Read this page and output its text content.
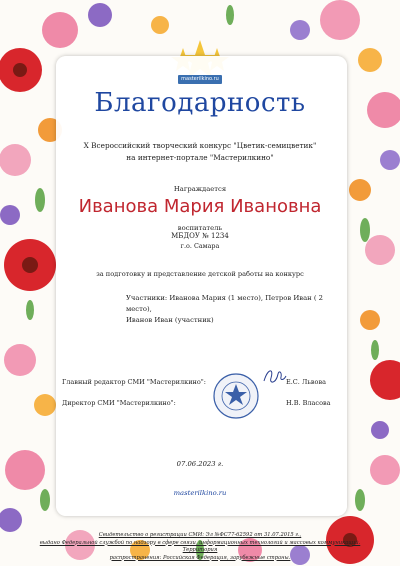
masterilkino.ru
Благодарность
X Всероссийский творческий конкурс "Цветик-семицветик"
на интернет-портале "Мастерилкино"
Награждается
Иванова Мария Ивановна
воспитатель
МБДОУ № 1234
г.о. Самара
за подготовку и представление детской работы на конкурс
Участники: Иванова Мария (1 место), Петров Иван ( 2 место),
Иванов Иван (участник)
Главный редактор СМИ "Мастерилкино":	Е.С. Львова
Директор СМИ "Мастерилкино":	Н.В. Власова
07.06.2023 г.
masterilkino.ru
Свидетельство о регистрации СМИ: Эл №ФС77-62592 от 31.07.2015 г.,
выдано Федеральной службой по надзору в сфере связи, информационных технологий и массовых коммуникаций. Территория
распространения: Российская Федерация, зарубежные страны.
